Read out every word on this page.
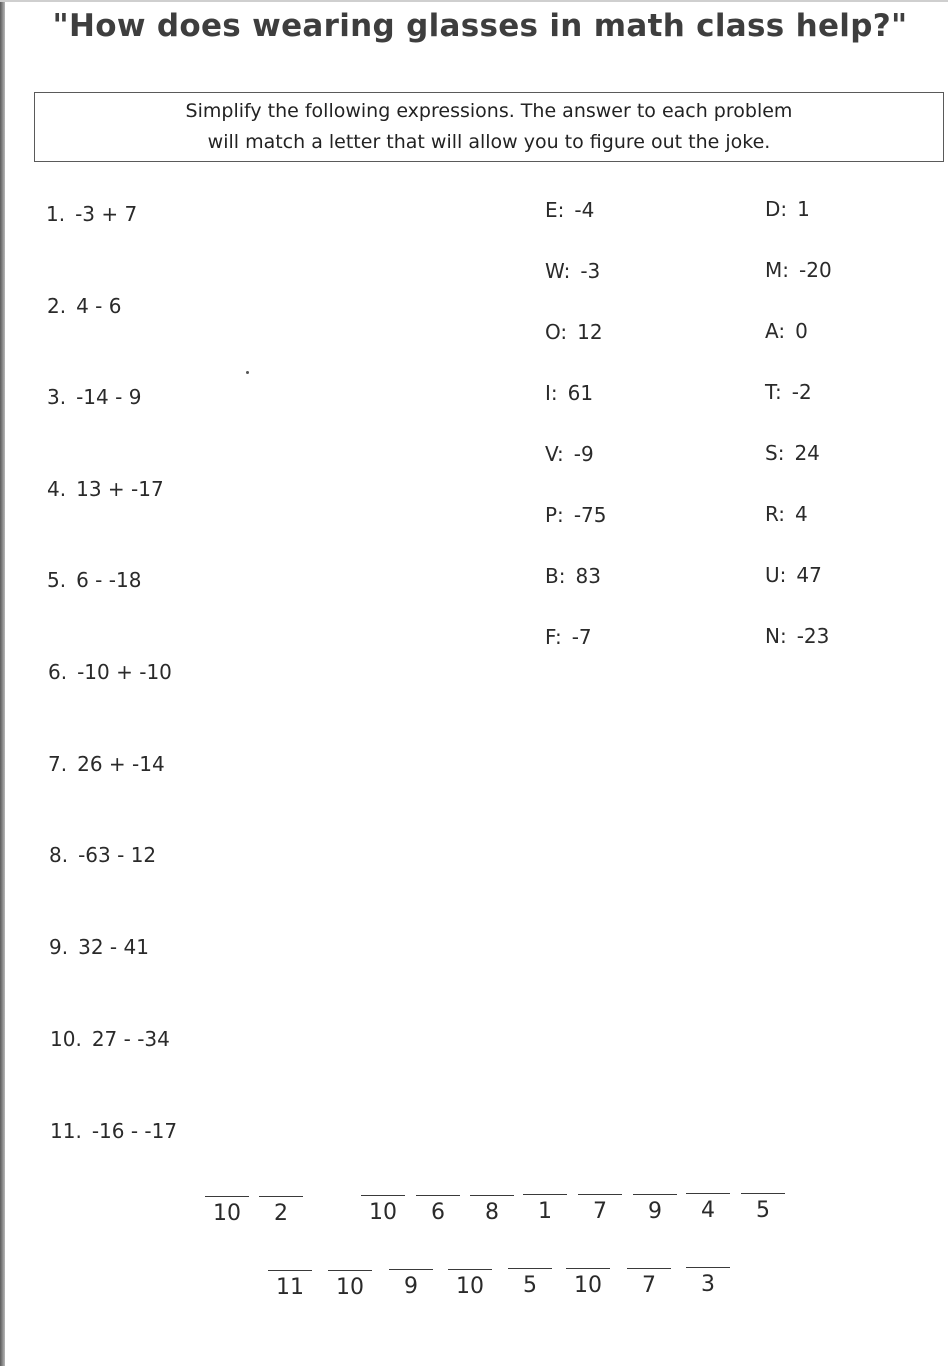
"How does wearing glasses in math class help?"
Simplify the following expressions. The answer to each problem
will match a letter that will allow you to figure out the joke.
1. -3 + 7
2. 4 - 6
3. -14 - 9
4. 13 + -17
5. 6 - -18
6. -10 + -10
7. 26 + -14
8. -63 - 12
9. 32 - 41
10. 27 - -34
11. -16 - -17
E: -4
W: -3
O: 12
I: 61
V: -9
P: -75
B: 83
F: -7
D: 1
M: -20
A: 0
T: -2
S: 24
R: 4
U: 47
N: -23
10	2	10	6	8	1	7	9	4	5
11	10	9	10	5	10	7	3
